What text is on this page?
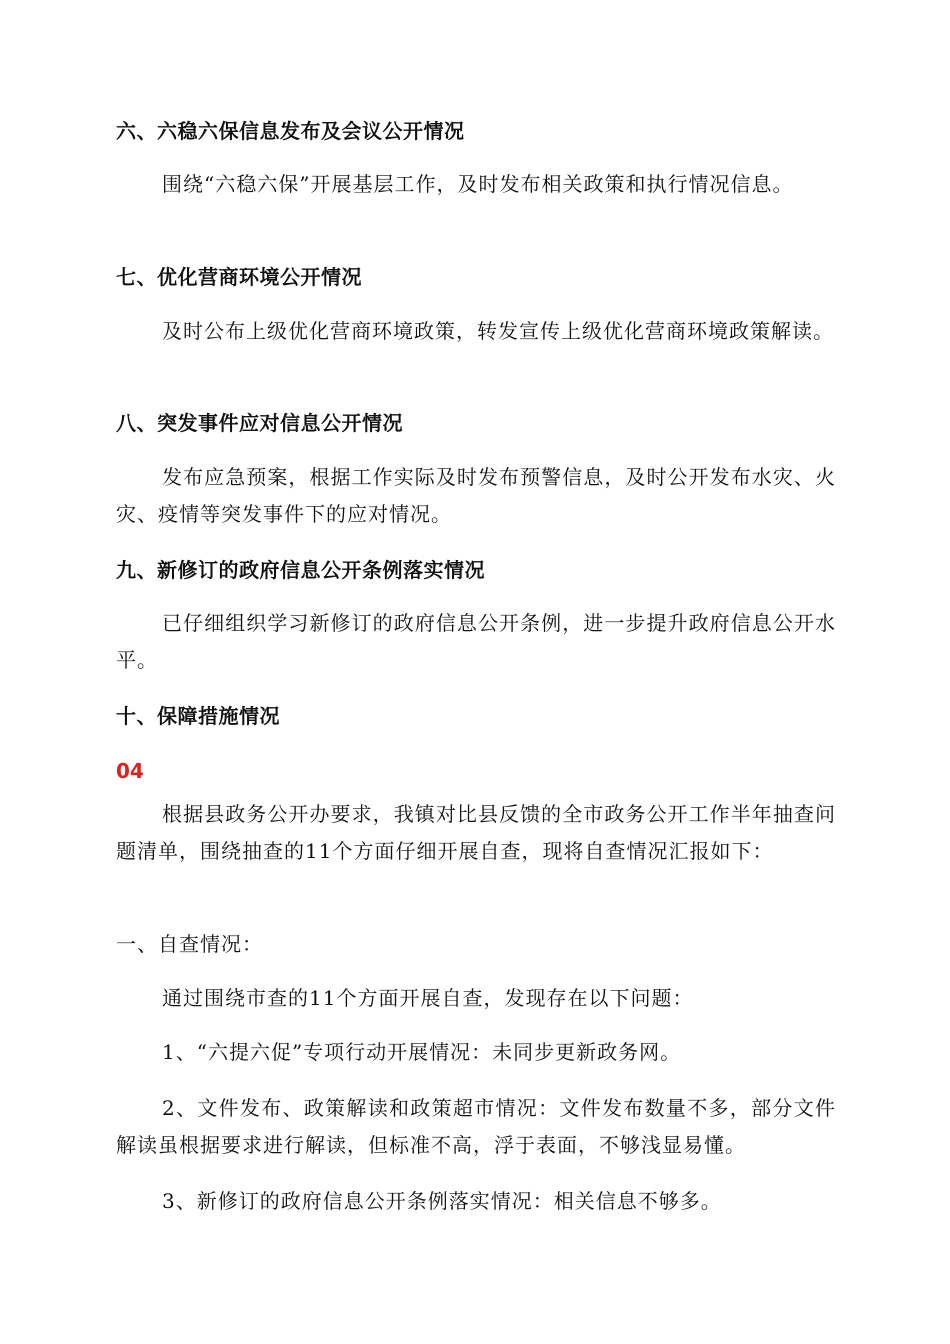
六、六稳六保信息发布及会议公开情况
围绕“六稳六保”开展基层工作，及时发布相关政策和执行情况信息。
七、优化营商环境公开情况
及时公布上级优化营商环境政策，转发宣传上级优化营商环境政策解读。
八、突发事件应对信息公开情况
发布应急预案，根据工作实际及时发布预警信息，及时公开发布水灾、火灾、疫情等突发事件下的应对情况。
九、新修订的政府信息公开条例落实情况
已仔细组织学习新修订的政府信息公开条例，进一步提升政府信息公开水平。
十、保障措施情况
04
根据县政务公开办要求，我镇对比县反馈的全市政务公开工作半年抽查问题清单，围绕抽查的11个方面仔细开展自查，现将自查情况汇报如下：
一、自查情况：
通过围绕市查的11个方面开展自查，发现存在以下问题：
1、“六提六促”专项行动开展情况：未同步更新政务网。
2、文件发布、政策解读和政策超市情况：文件发布数量不多，部分文件解读虽根据要求进行解读，但标准不高，浮于表面，不够浅显易懂。
3、新修订的政府信息公开条例落实情况：相关信息不够多。
